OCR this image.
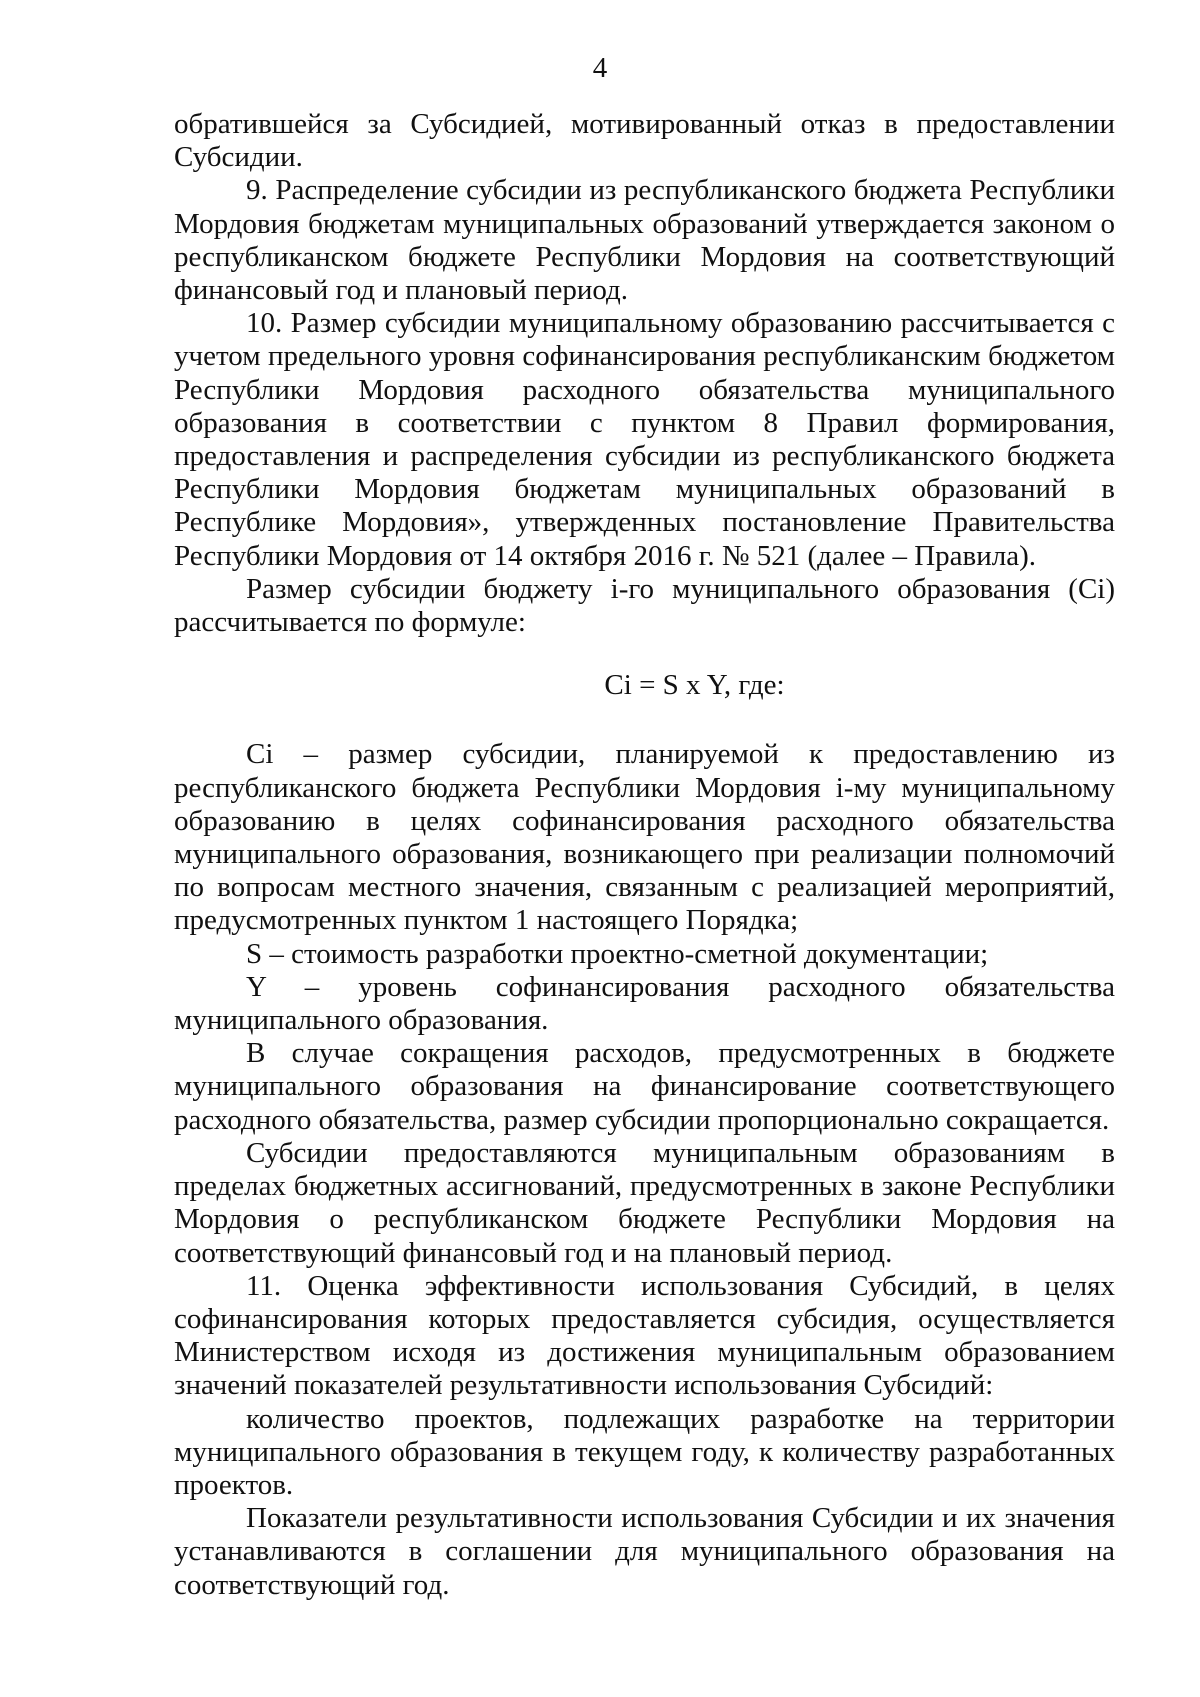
4

обратившейся за Субсидией, мотивированный отказ в предоставлении Субсидии.

9. Распределение субсидии из республиканского бюджета Республики Мордовия бюджетам муниципальных образований утверждается законом о республиканском бюджете Республики Мордовия на соответствующий финансовый год и плановый период.

10. Размер субсидии муниципальному образованию рассчитывается с учетом предельного уровня софинансирования республиканским бюджетом Республики Мордовия расходного обязательства муниципального образования в соответствии с пунктом 8 Правил формирования, предоставления и распределения субсидии из республиканского бюджета Республики Мордовия бюджетам муниципальных образований в Республике Мордовия», утвержденных постановление Правительства Республики Мордовия от 14 октября 2016 г. № 521 (далее – Правила).

Размер субсидии бюджету i-го муниципального образования (Ci) рассчитывается по формуле:

Ci = S x Y, где:

Ci – размер субсидии, планируемой к предоставлению из республиканского бюджета Республики Мордовия i-му муниципальному образованию в целях софинансирования расходного обязательства муниципального образования, возникающего при реализации полномочий по вопросам местного значения, связанным с реализацией мероприятий, предусмотренных пунктом 1 настоящего Порядка;

S – стоимость разработки проектно-сметной документации;

Y – уровень софинансирования расходного обязательства муниципального образования.

В случае сокращения расходов, предусмотренных в бюджете муниципального образования на финансирование соответствующего расходного обязательства, размер субсидии пропорционально сокращается.

Субсидии предоставляются муниципальным образованиям в пределах бюджетных ассигнований, предусмотренных в законе Республики Мордовия о республиканском бюджете Республики Мордовия на соответствующий финансовый год и на плановый период.

11. Оценка эффективности использования Субсидий, в целях софинансирования которых предоставляется субсидия, осуществляется Министерством исходя из достижения муниципальным образованием значений показателей результативности использования Субсидий:

количество проектов, подлежащих разработке на территории муниципального образования в текущем году, к количеству разработанных проектов.

Показатели результативности использования Субсидии и их значения устанавливаются в соглашении для муниципального образования на соответствующий год.
